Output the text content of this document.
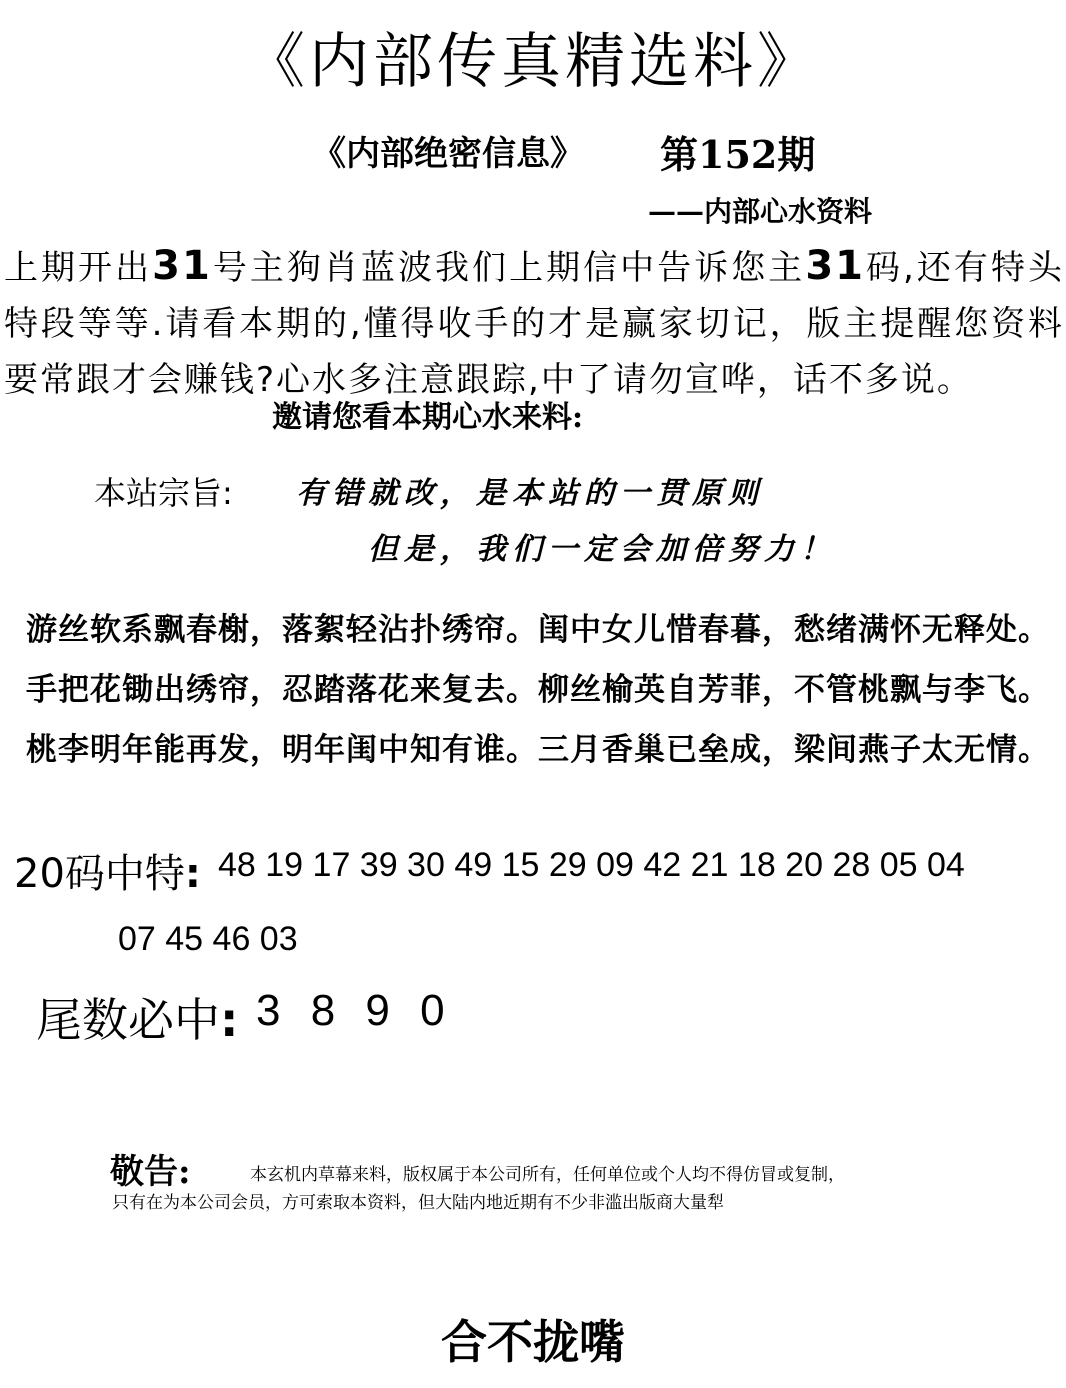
《内部传真精选料》
《内部绝密信息》 第152期
——内部心水资料
上期开出31号主狗肖蓝波我们上期信中告诉您主31码,还有特头特段等等.请看本期的,懂得收手的才是赢家切记，版主提醒您资料要常跟才会赚钱?心水多注意跟踪,中了请勿宣哗，话不多说。
邀请您看本期心水来料:
本站宗旨: 有错就改，是本站的一贯原则
但是，我们一定会加倍努力！
游丝软系飘春榭，落絮轻沾扑绣帘。闺中女儿惜春暮，愁绪满怀无释处。
手把花锄出绣帘，忍踏落花来复去。柳丝榆英自芳菲，不管桃飘与李飞。
桃李明年能再发，明年闺中知有谁。三月香巢已垒成，梁间燕子太无情。
20码中特: 48 19 17 39 30 49 15 29 09 42 21 18 20 28 05 04
07 45 46 03
尾数必中: 3 8 9 0
敬告:	本玄机内草幕来料，版权属于本公司所有，任何单位或个人均不得仿冒或复制，
只有在为本公司会员，方可索取本资料，但大陆内地近期有不少非滥出版商大量犁
合不拢嘴
